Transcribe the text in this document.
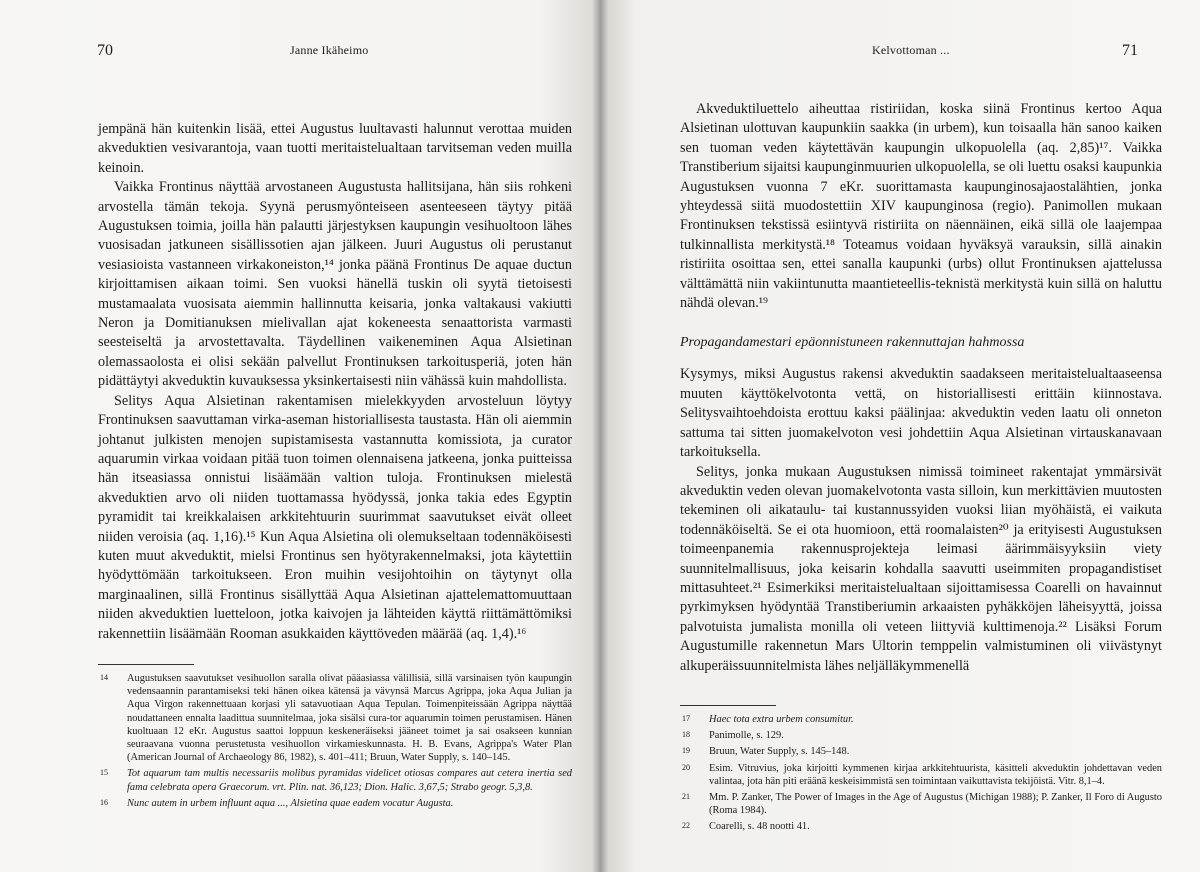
70	Janne Ikäheimo

jempänä hän kuitenkin lisää, ettei Augustus luultavasti halunnut verottaa muiden akveduktien vesivarantoja, vaan tuotti meritaistelualtaan tarvitseman veden muilla keinoin.

Vaikka Frontinus näyttää arvostaneen Augustusta hallitsijana, hän siis rohkeni arvostella tämän tekoja. Syynä perusmyönteiseen asenteeseen täytyy pitää Augustuksen toimia, joilla hän palautti järjestyksen kaupungin vesihuoltoon lähes vuosisadan jatkuneen sisällissotien ajan jälkeen. Juuri Augustus oli perustanut vesiasioista vastanneen virkakoneiston,¹⁴ jonka päänä Frontinus De aquae ductun kirjoittamisen aikaan toimi. Sen vuoksi hänellä tuskin oli syytä tietoisesti mustamaalata vuosisata aiemmin hallinnutta keisaria, jonka valtakausi vakiutti Neron ja Domitianuksen mielivallan ajat kokeneesta senaattorista varmasti seesteiseltä ja arvostettavalta. Täydellinen vaikeneminen Aqua Alsietinan olemassaolosta ei olisi sekään palvellut Frontinuksen tarkoitusperiä, joten hän pidättäytyi akveduktin kuvauksessa yksinkertaisesti niin vähässä kuin mahdollista.

Selitys Aqua Alsietinan rakentamisen mielekkyyden arvosteluun löytyy Frontinuksen saavuttaman virka-aseman historiallisesta taustasta. Hän oli aiemmin johtanut julkisten menojen supistamisesta vastannutta komissiota, ja curator aquarumin virkaa voidaan pitää tuon toimen olennaisena jatkeena, jonka puitteissa hän itseasiassa onnistui lisäämään valtion tuloja. Frontinuksen mielestä akveduktien arvo oli niiden tuottamassa hyödyssä, jonka takia edes Egyptin pyramidit tai kreikkalaisen arkkitehtuurin suurimmat saavutukset eivät olleet niiden veroisia (aq. 1,16).¹⁵ Kun Aqua Alsietina oli olemukseltaan todennäköisesti kuten muut akveduktit, mielsi Frontinus sen hyötyrakennelmaksi, jota käytettiin hyödyttömään tarkoitukseen. Eron muihin vesijohtoihin on täytynyt olla marginaalinen, sillä Frontinus sisällyttää Aqua Alsietinan ajattelemattomuuttaan niiden akveduktien luetteloon, jotka kaivojen ja lähteiden käyttä riittämättömiksi rakennettiin lisäämään Rooman asukkaiden käyttöveden määrää (aq. 1,4).¹⁶

14	Augustuksen saavutukset vesihuollon saralla olivat pääasiassa välillisiä, sillä varsinaisen työn kaupungin vedensaannin parantamiseksi teki hänen oikea kätensä ja vävynsä Marcus Agrippa, joka Aqua Julian ja Aqua Virgon rakennettuaan korjasi yli satavuotiaan Aqua Tepulan. Toimenpiteissään Agrippa näyttää noudattaneen ennalta laadittua suunnitelmaa, joka sisälsi cura-tor aquarumin toimen perustamisen. Hänen kuoltuaan 12 eKr. Augustus saattoi loppuun keskeneräiseksi jääneet toimet ja sai osakseen kunnian seuraavana vuonna perustetusta vesihuollon virkamieskunnasta. H. B. Evans, Agrippa's Water Plan (American Journal of Archaeology 86, 1982), s. 401–411; Bruun, Water Supply, s. 140–145.
15	Tot aquarum tam multis necessariis molibus pyramidas videlicet otiosas compares aut cetera inertia sed fama celebrata opera Graecorum. vrt. Plin. nat. 36,123; Dion. Halic. 3,67,5; Strabo geogr. 5,3,8.
16	Nunc autem in urbem influunt aqua ..., Alsietina quae eadem vocatur Augusta.
Kelvottoman ...	71

Akveduktiluettelo aiheuttaa ristiriidan, koska siinä Frontinus kertoo Aqua Alsietinan ulottuvan kaupunkiin saakka (in urbem), kun toisaalla hän sanoo kaiken sen tuoman veden käytettävän kaupungin ulkopuolella (aq. 2,85)¹⁷. Vaikka Transtiberium sijaitsi kaupunginmuurien ulkopuolella, se oli luettu osaksi kaupunkia Augustuksen vuonna 7 eKr. suorittamasta kaupunginosajaostalähtien, jonka yhteydessä siitä muodostettiin XIV kaupunginosa (regio). Panimollen mukaan Frontinuksen tekstissä esiintyvä ristiriita on näennäinen, eikä sillä ole laajempaa tulkinnallista merkitystä.¹⁸ Toteamus voidaan hyväksyä varauksin, sillä ainakin ristiriita osoittaa sen, ettei sanalla kaupunki (urbs) ollut Frontinuksen ajattelussa välttämättä niin vakiintunutta maantieteellis-teknistä merkitystä kuin sillä on haluttu nähdä olevan.¹⁹

Propagandamestari epäonnistuneen rakennuttajan hahmossa

Kysymys, miksi Augustus rakensi akveduktin saadakseen meritaistelualtaaseensa muuten käyttökelvotonta vettä, on historiallisesti erittäin kiinnostava. Selitysvaihtoehdoista erottuu kaksi päälinjaa: akveduktin veden laatu oli onneton sattuma tai sitten juomakelvoton vesi johdettiin Aqua Alsietinan virtauskanavaan tarkoituksella.

Selitys, jonka mukaan Augustuksen nimissä toimineet rakentajat ymmärsivät akveduktin veden olevan juomakelvotonta vasta silloin, kun merkittävien muutosten tekeminen oli aikataulu- tai kustannussyiden vuoksi liian myöhäistä, ei vaikuta todennäköiseltä. Se ei ota huomioon, että roomalaisten²⁰ ja erityisesti Augustuksen toimeenpanemia rakennusprojekteja leimasi äärimmäisyyksiin viety suunnitelmallisuus, joka keisarin kohdalla saavutti useimmiten propagandistiset mittasuhteet.²¹ Esimerkiksi meritaistelualtaan sijoittamisessa Coarelli on havainnut pyrkimyksen hyödyntää Transtiberiumin arkaaisten pyhäkköjen läheisyyttä, joissa palvotuista jumalista monilla oli veteen liittyviä kulttimenoja.²² Lisäksi Forum Augustumille rakennetun Mars Ultorin temppelin valmistuminen oli viivästynyt alkuperäissuunnitelmista lähes neljälläkymmenellä

17	Haec tota extra urbem consumitur.
18	Panimolle, s. 129.
19	Bruun, Water Supply, s. 145–148.
20	Esim. Vitruvius, joka kirjoitti kymmenen kirjaa arkkitehtuurista, käsitteli akveduktin johdettavan veden valintaa, jota hän piti eräänä keskeisimmistä sen toimintaan vaikuttavista tekijöistä. Vitr. 8,1–4.
21	Mm. P. Zanker, The Power of Images in the Age of Augustus (Michigan 1988); P. Zanker, Il Foro di Augusto (Roma 1984).
22	Coarelli, s. 48 nootti 41.
